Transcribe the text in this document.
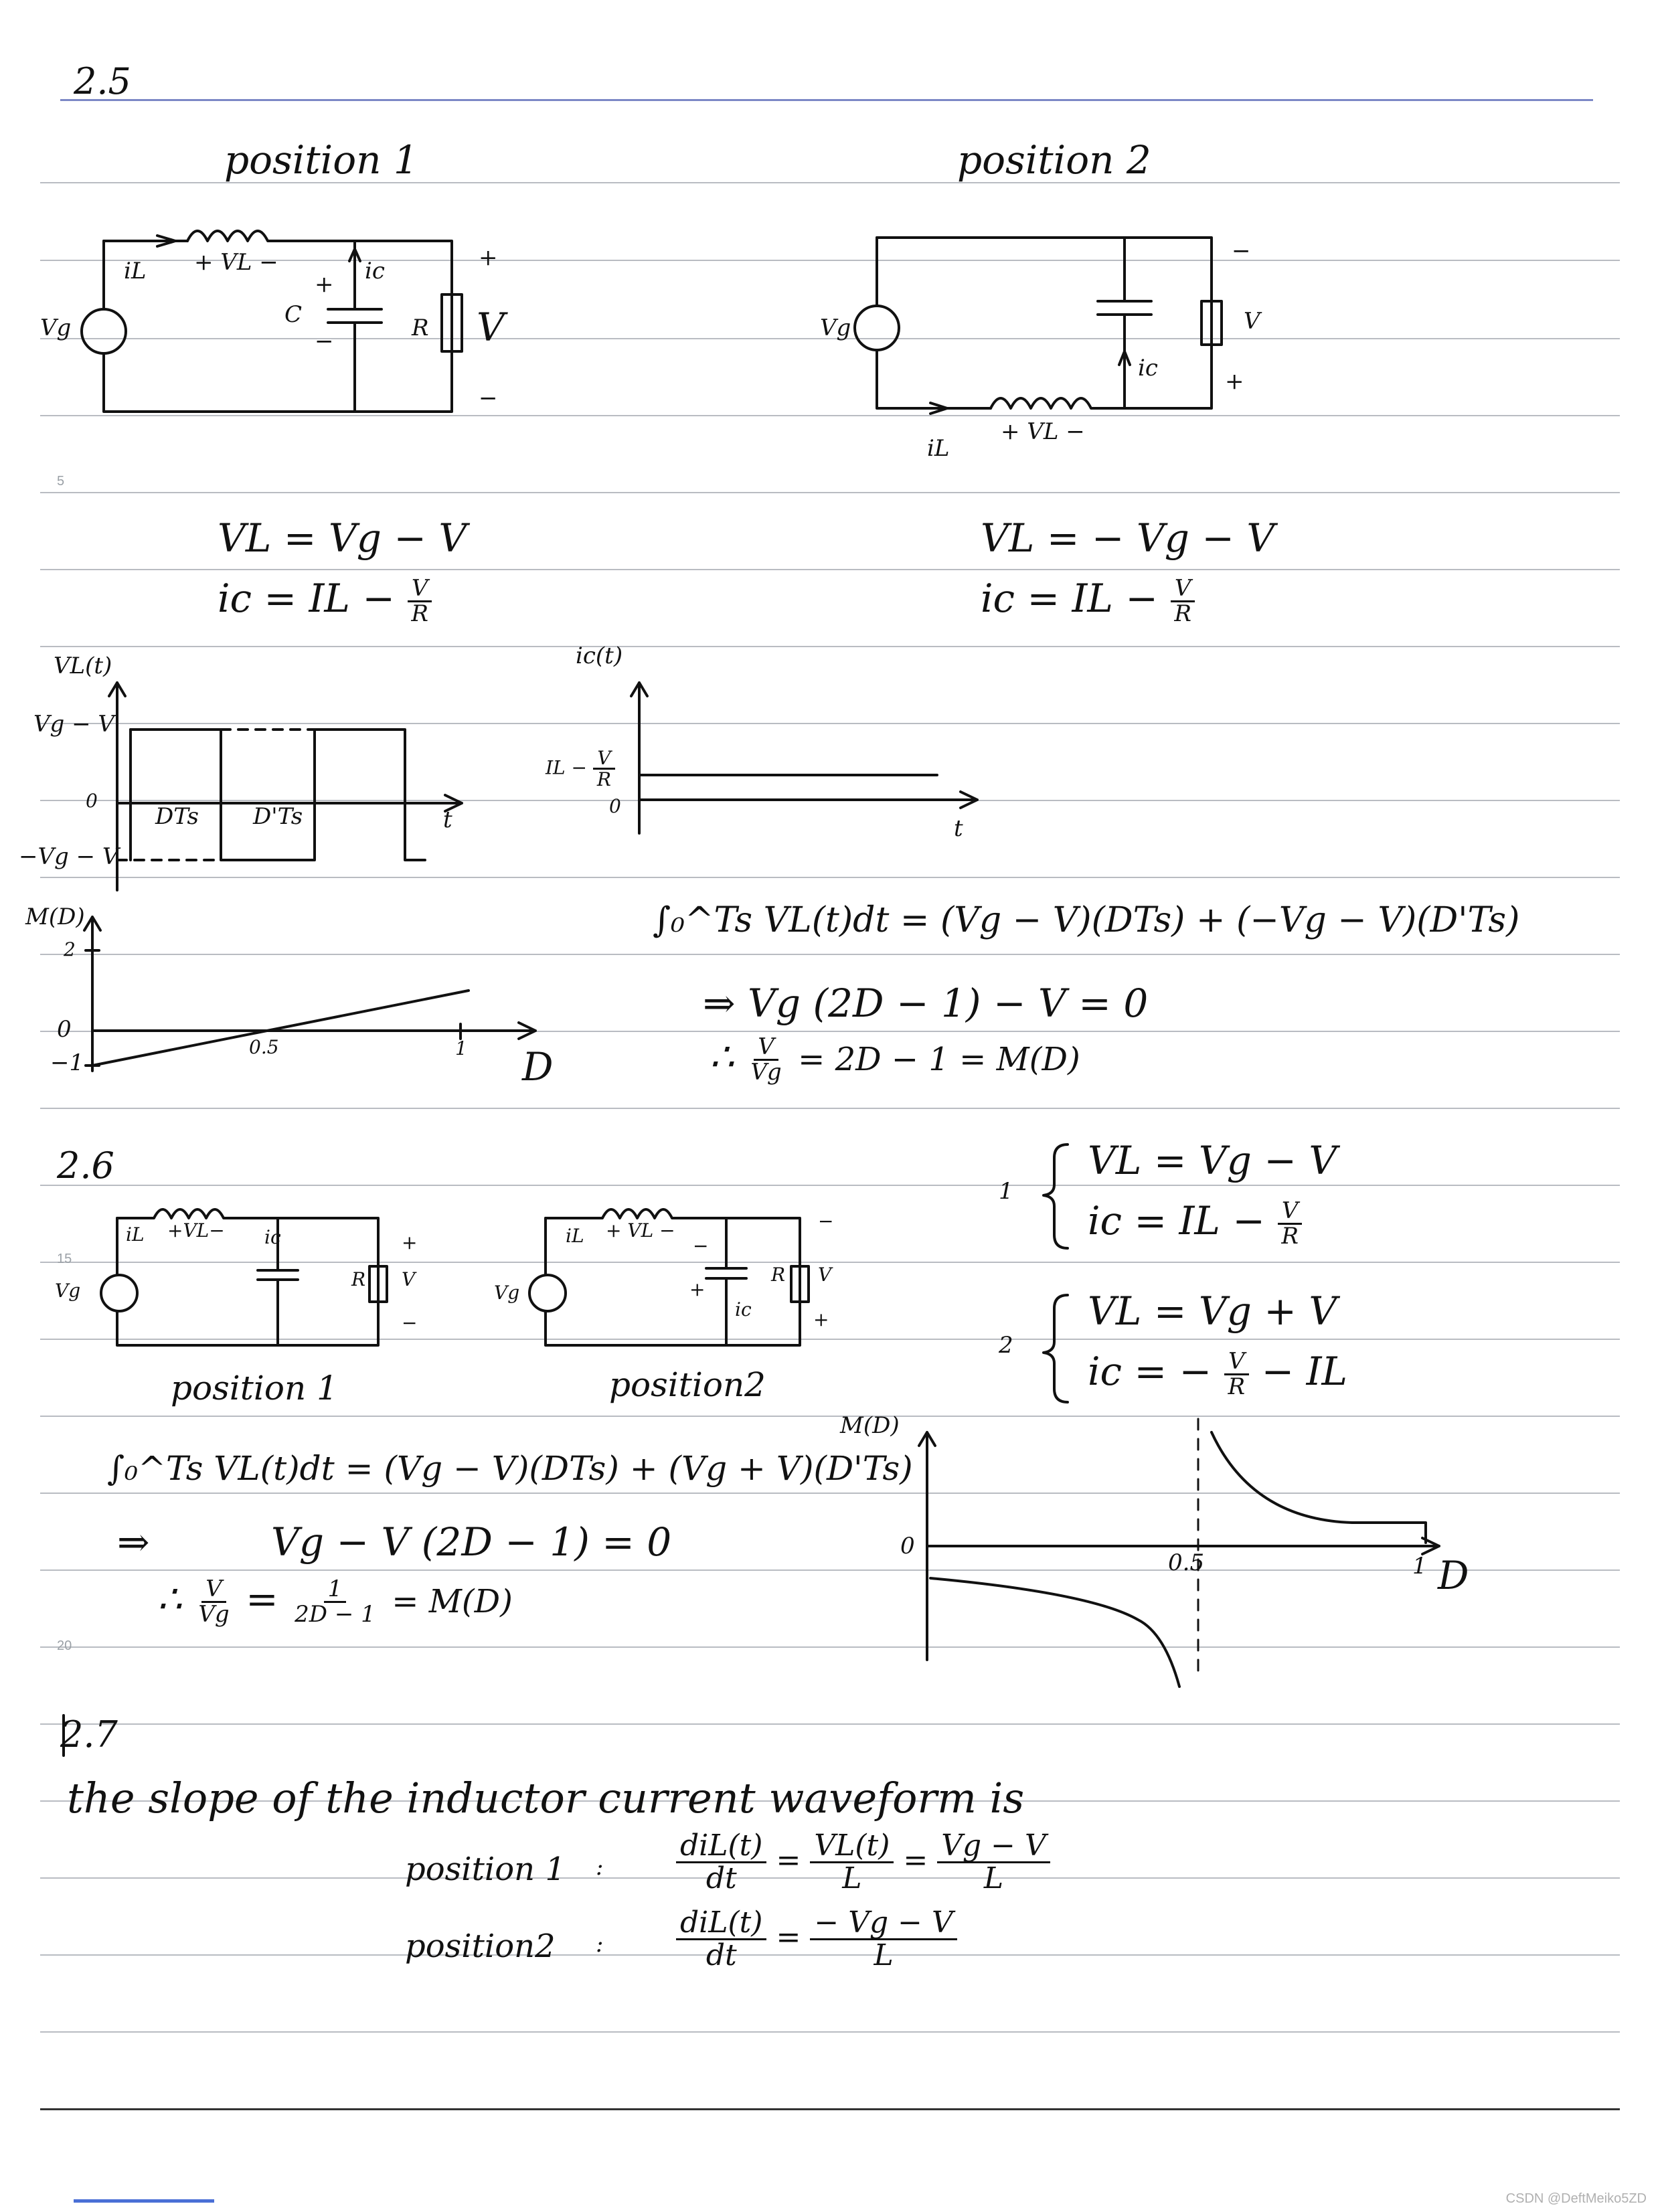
5
15
20
2.5
position 1	position 2
Vg
iL + VL −
C
ic
+
−	R V
+
−
Vg
iL
+ VL −
ic
V
−
+
VL = Vg − V
ic = IL − $\frac{V}{R}$
VL = − Vg − V
ic = IL − $\frac{V}{R}$
VL(t)
Vg − V
0
−Vg − V
DTs D'Ts	t
ic(t)
IL − $\frac{V}{R}$
0
t
M(D)
2
0
−1
0.5	1 D
∫₀^Ts VL(t)dt = (Vg − V)(DTs) + (−Vg − V)(D'Ts)
⇒ Vg (2D − 1) − V = 0
∴ $\frac{V}{Vg} = 2D - 1 = M(D)$
2.6
iL +VL− ic
Vg
R V
+
−
position 1
iL + VL −
Vg
ic
+
−
R V
−
+
position2
1
VL = Vg − V
ic = IL − $\frac{V}{R}$
2
VL = Vg + V
ic = − $\frac{V}{R}$ − IL
∫₀^Ts VL(t)dt = (Vg − V)(DTs) + (Vg + V)(D'Ts)
⇒	Vg − V (2D − 1) = 0
∴ $\frac{V}{Vg} = \frac{1}{2D - 1} = M(D)$
M(D)
0
0.5	1 D
2.7
the slope of the inductor current waveform is
position 1 : $\frac{\text{diL(t)}}{dt} = \frac{VL(t)}{L} = \frac{Vg - V}{L}$
position2 : $\frac{\text{diL(t)}}{dt} = \frac{- Vg - V}{L}$
CSDN @DeftMeiko5ZD
